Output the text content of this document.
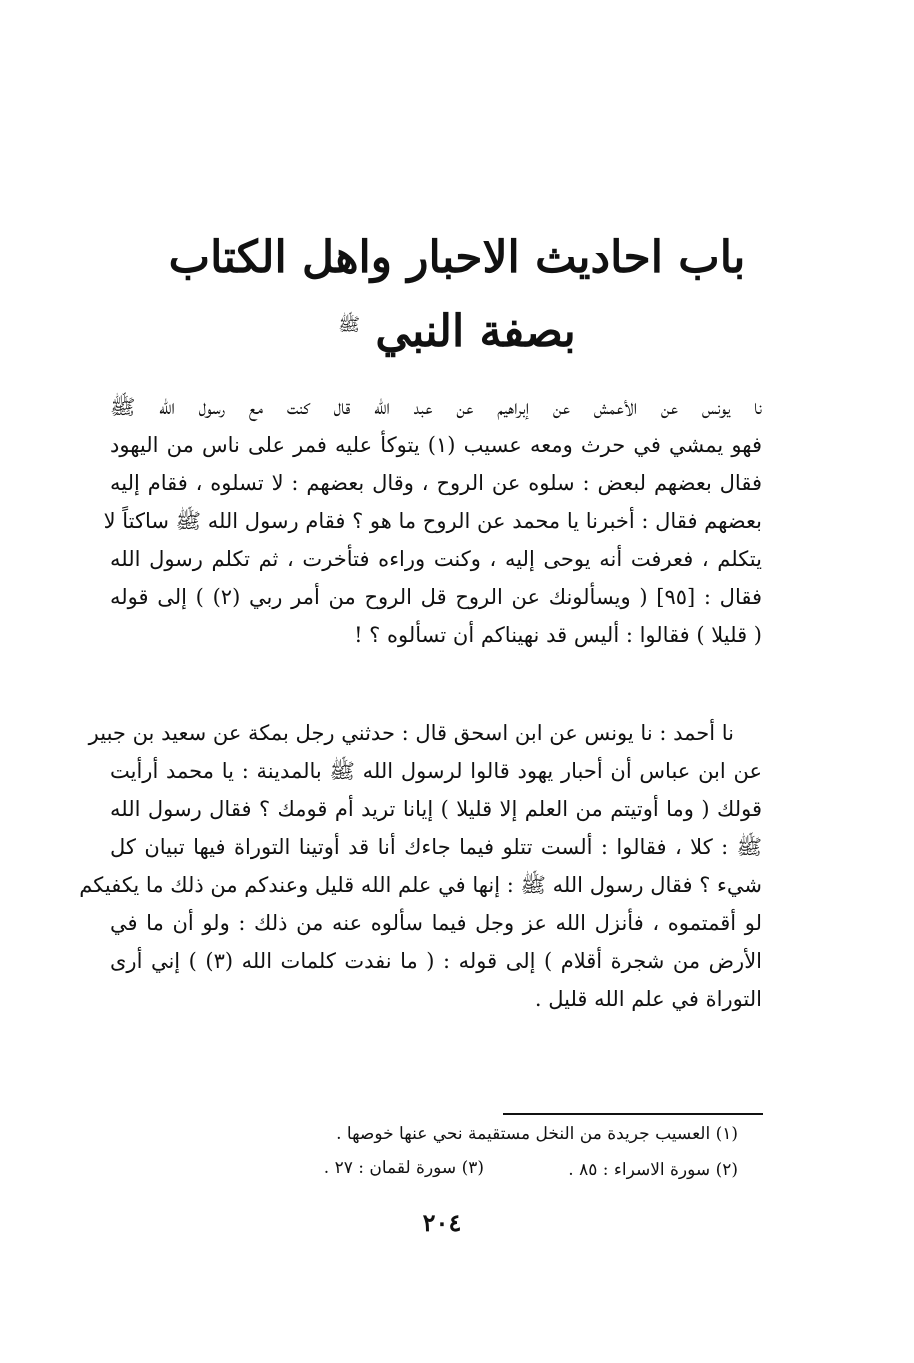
باب احاديث الاحبار واهل الكتاب
بصفة النبي $^ﷺ$
نا يونس عن الأعمش عن إبراهيم عن عبد الله قال كنت مع رسول الله ﷺ
فهو يمشي في حرث ومعه عسيب (١) يتوكأ عليه فمر على ناس من اليهود
فقال بعضهم لبعض : سلوه عن الروح ، وقال بعضهم : لا تسلوه ، فقام إليه
بعضهم فقال : أخبرنا يا محمد عن الروح ما هو ؟ فقام رسول الله ﷺ ساكتاً لا
يتكلم ، فعرفت أنه يوحى إليه ، وكنت وراءه فتأخرت ، ثم تكلم رسول الله
فقال : [٩٥] ( ويسألونك عن الروح قل الروح من أمر ربي (٢) ) إلى قوله
( قليلا ) فقالوا : أليس قد نهيناكم أن تسألوه ؟ !
نا أحمد : نا يونس عن ابن اسحق قال : حدثني رجل بمكة عن سعيد بن جبير
عن ابن عباس أن أحبار يهود قالوا لرسول الله ﷺ بالمدينة : يا محمد أرأيت
قولك ( وما أوتيتم من العلم إلا قليلا ) إيانا تريد أم قومك ؟ فقال رسول الله
ﷺ : كلا ، فقالوا : ألست تتلو فيما جاءك أنا قد أوتينا التوراة فيها تبيان كل
شيء ؟ فقال رسول الله ﷺ : إنها في علم الله قليل وعندكم من ذلك ما يكفيكم
لو أقمتموه ، فأنزل الله عز وجل فيما سألوه عنه من ذلك : ولو أن ما في
الأرض من شجرة أقلام ) إلى قوله : ( ما نفدت كلمات الله (٣) ) إني أرى
التوراة في علم الله قليل .
(١) العسيب جريدة من النخل مستقيمة نحي عنها خوصها .
(٢) سورة الاسراء : ٨٥ .
(٣) سورة لقمان : ٢٧ .
٢٠٤
